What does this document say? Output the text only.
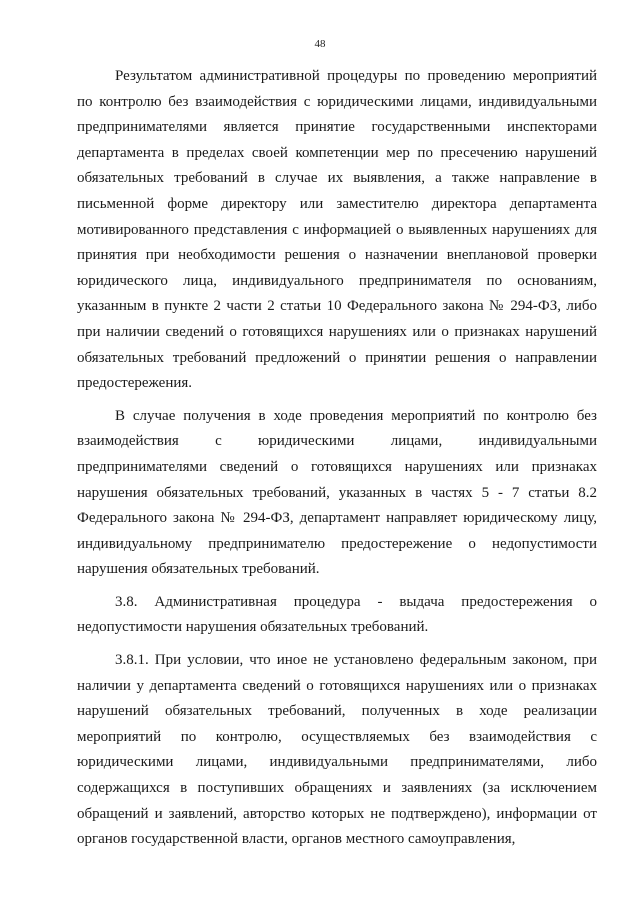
48

Результатом административной процедуры по проведению мероприятий по контролю без взаимодействия с юридическими лицами, индивидуальными предпринимателями является принятие государственными инспекторами департамента в пределах своей компетенции мер по пресечению нарушений обязательных требований в случае их выявления, а также направление в письменной форме директору или заместителю директора департамента мотивированного представления с информацией о выявленных нарушениях для принятия при необходимости решения о назначении внеплановой проверки юридического лица, индивидуального предпринимателя по основаниям, указанным в пункте 2 части 2 статьи 10 Федерального закона № 294-ФЗ, либо при наличии сведений о готовящихся нарушениях или о признаках нарушений обязательных требований предложений о принятии решения о направлении предостережения.

В случае получения в ходе проведения мероприятий по контролю без взаимодействия с юридическими лицами, индивидуальными предпринимателями сведений о готовящихся нарушениях или признаках нарушения обязательных требований, указанных в частях 5 - 7 статьи 8.2 Федерального закона № 294-ФЗ, департамент направляет юридическому лицу, индивидуальному предпринимателю предостережение о недопустимости нарушения обязательных требований.

3.8. Административная процедура - выдача предостережения о недопустимости нарушения обязательных требований.

3.8.1. При условии, что иное не установлено федеральным законом, при наличии у департамента сведений о готовящихся нарушениях или о признаках нарушений обязательных требований, полученных в ходе реализации мероприятий по контролю, осуществляемых без взаимодействия с юридическими лицами, индивидуальными предпринимателями, либо содержащихся в поступивших обращениях и заявлениях (за исключением обращений и заявлений, авторство которых не подтверждено), информации от органов государственной власти, органов местного самоуправления,
